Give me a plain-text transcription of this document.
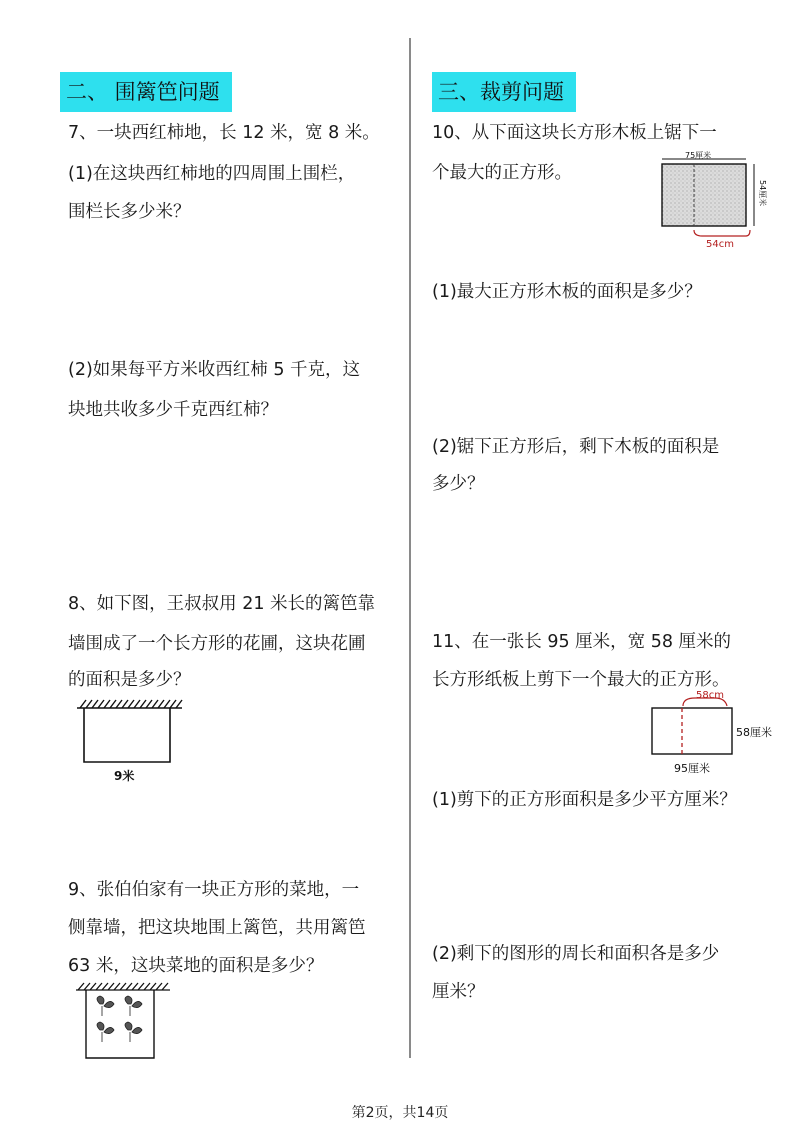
二、 围篱笆问题
7、一块西红柿地，长 12 米，宽 8 米。
(1)在这块西红柿地的四周围上围栏，
围栏长多少米？
(2)如果每平方米收西红柿 5 千克，这
块地共收多少千克西红柿？
8、如下图，王叔叔用 21 米长的篱笆靠
墙围成了一个长方形的花圃，这块花圃
的面积是多少？
9米
9、张伯伯家有一块正方形的菜地，一
侧靠墙，把这块地围上篱笆，共用篱笆
63 米，这块菜地的面积是多少？
三、裁剪问题
10、从下面这块长方形木板上锯下一
个最大的正方形。
75厘米
54厘米
54cm
(1)最大正方形木板的面积是多少？
(2)锯下正方形后，剩下木板的面积是
多少？
11、在一张长 95 厘米，宽 58 厘米的
长方形纸板上剪下一个最大的正方形。
58cm
58厘米
95厘米
(1)剪下的正方形面积是多少平方厘米？
(2)剩下的图形的周长和面积各是多少
厘米？
第2页，共14页
